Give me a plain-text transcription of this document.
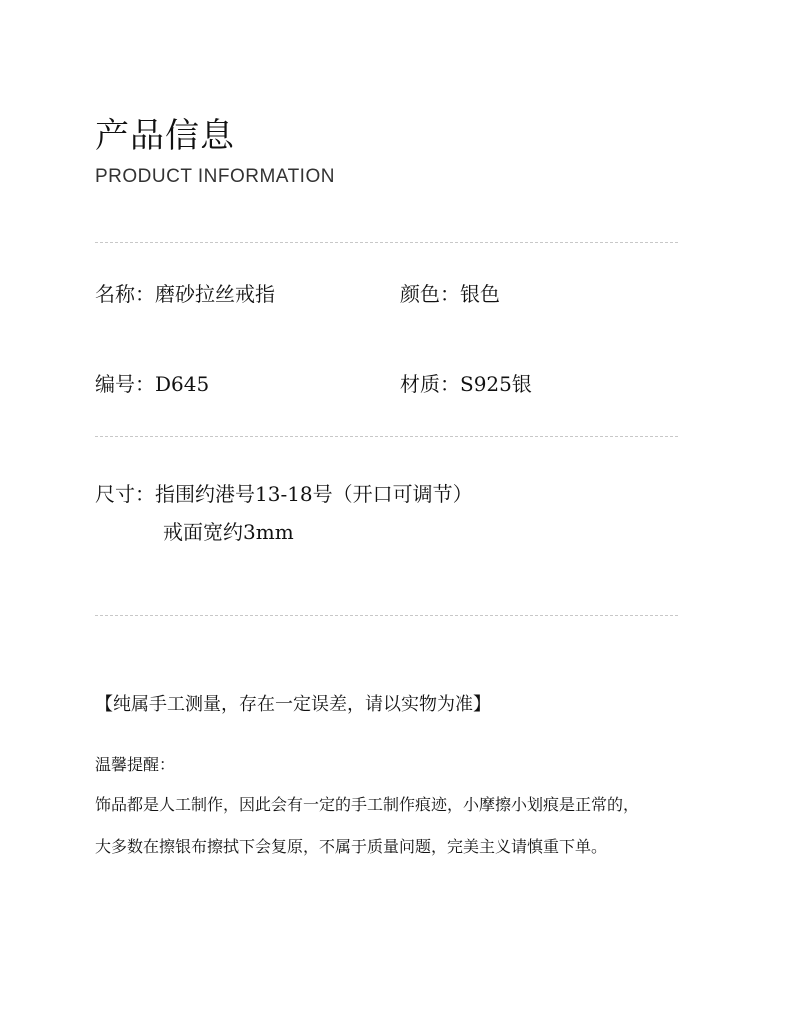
产品信息
PRODUCT INFORMATION
名称：磨砂拉丝戒指	颜色：银色
编号：D645	材质：S925银
尺寸：指围约港号13-18号（开口可调节）
戒面宽约3mm
【纯属手工测量，存在一定误差，请以实物为准】
温馨提醒：
饰品都是人工制作，因此会有一定的手工制作痕迹，小摩擦小划痕是正常的，
大多数在擦银布擦拭下会复原，不属于质量问题，完美主义请慎重下单。
